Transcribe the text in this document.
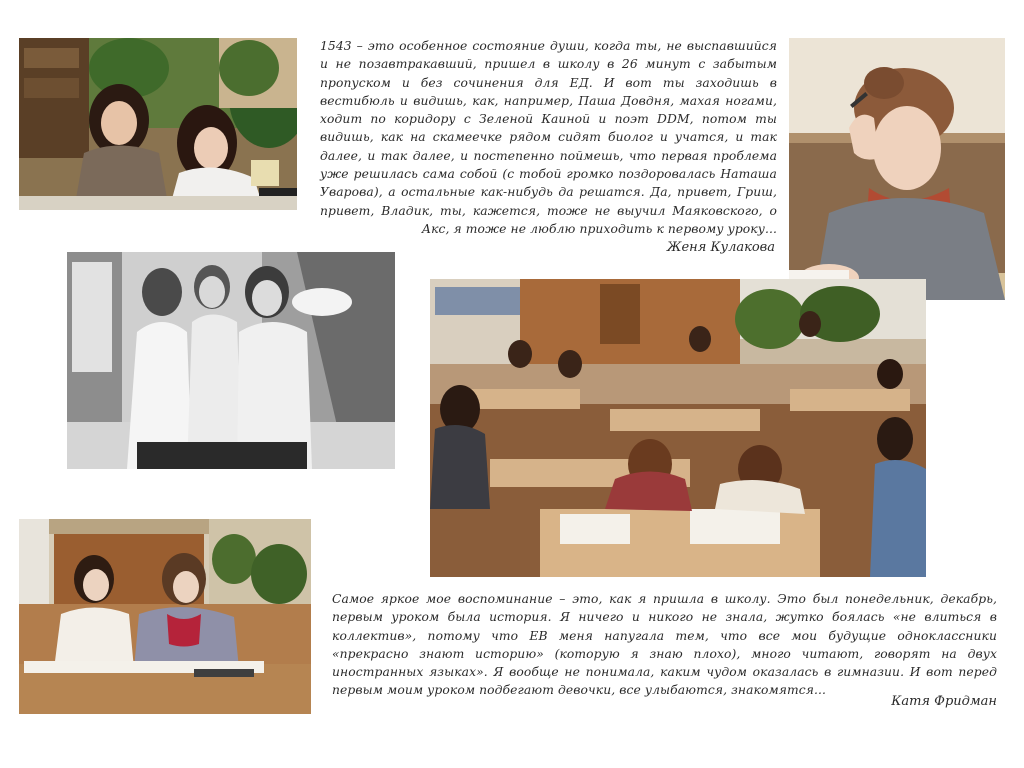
1543 – это особенное состояние души, когда ты, не выспавшийся и не позавтракавший, пришел в школу в 26 минут с забытым пропуском и без сочинения для ЕД. И вот ты заходишь в вестибюль и видишь, как, например, Паша Довдня, махая ногами, ходит по коридору с Зеленой Каиной и поэт DDM, потом ты видишь, как на скамеечке рядом сидят биолог и учатся, и так далее, и так далее, и постепенно поймешь, что первая проблема уже решилась сама собой (с тобой громко поздоровалась Наташа Уварова), а остальные как-нибудь да решатся. Да, привет, Гриш, привет, Владик, ты, кажется, тоже не выучил Маяковского, о Акс, я тоже не люблю приходить к первому уроку...
Женя Кулакова
Самое яркое мое воспоминание – это, как я пришла в школу. Это был понедельник, декабрь, первым уроком была история. Я ничего и никого не знала, жутко боялась «не влиться в коллектив», потому что ЕВ меня напугала тем, что все мои будущие одноклассники «прекрасно знают историю» (которую я знаю плохо), много читают, говорят на двух иностранных языках». Я вообще не понимала, каким чудом оказалась в гимназии. И вот перед первым моим уроком подбегают девочки, все улыбаются, знакомятся...
Катя Фридман
